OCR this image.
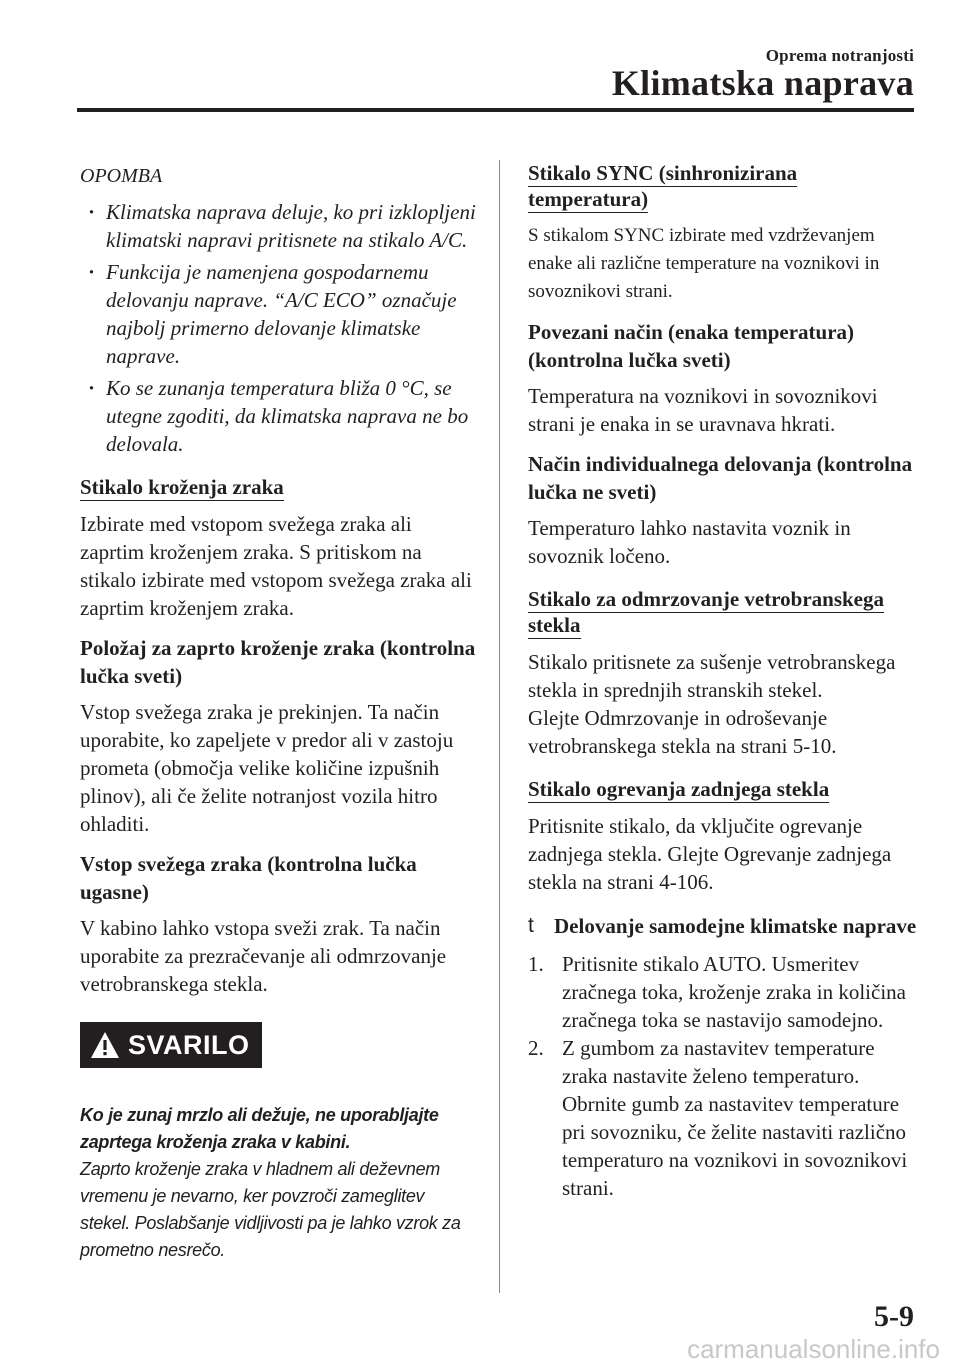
Oprema notranjosti
Klimatska naprava
OPOMBA
· Klimatska naprava deluje, ko pri izklopljeni klimatski napravi pritisnete na stikalo A/C.
· Funkcija je namenjena gospodarnemu delovanju naprave. “A/C ECO” označuje najbolj primerno delovanje klimatske naprave.
· Ko se zunanja temperatura bliža 0 °C, se utegne zgoditi, da klimatska naprava ne bo delovala.
Stikalo kroženja zraka

Izbirate med vstopom svežega zraka ali zaprtim kroženjem zraka. S pritiskom na stikalo izbirate med vstopom svežega zraka ali zaprtim kroženjem zraka.

Položaj za zaprto kroženje zraka (kontrolna lučka sveti)

Vstop svežega zraka je prekinjen. Ta način uporabite, ko zapeljete v predor ali v zastoju prometa (območja velike količine izpušnih plinov), ali če želite notranjost vozila hitro ohladiti.

Vstop svežega zraka (kontrolna lučka ugasne)

V kabino lahko vstopa sveži zrak. Ta način uporabite za prezračevanje ali odmrzovanje vetrobranskega stekla.

SVARILO
Ko je zunaj mrzlo ali dežuje, ne uporabljajte zaprtega kroženja zraka v kabini.
Zaprto kroženje zraka v hladnem ali deževnem vremenu je nevarno, ker povzroči zameglitev stekel. Poslabšanje vidljivosti pa je lahko vzrok za prometno nesrečo.
Stikalo SYNC (sinhronizirana temperatura)

S stikalom SYNC izbirate med vzdrževanjem enake ali različne temperature na voznikovi in sovoznikovi strani.

Povezani način (enaka temperatura) (kontrolna lučka sveti)

Temperatura na voznikovi in sovoznikovi strani je enaka in se uravnava hkrati.

Način individualnega delovanja (kontrolna lučka ne sveti)

Temperaturo lahko nastavita voznik in sovoznik ločeno.

Stikalo za odmrzovanje vetrobranskega stekla

Stikalo pritisnete za sušenje vetrobranskega stekla in sprednjih stranskih stekel.

Glejte Odmrzovanje in odroševanje vetrobranskega stekla na strani 5-10.

Stikalo ogrevanja zadnjega stekla

Pritisnite stikalo, da vključite ogrevanje zadnjega stekla. Glejte Ogrevanje zadnjega stekla na strani 4-106.

t Delovanje samodejne klimatske naprave
1. Pritisnite stikalo AUTO. Usmeritev zračnega toka, kroženje zraka in količina zračnega toka se nastavijo samodejno.
2. Z gumbom za nastavitev temperature zraka nastavite želeno temperaturo. Obrnite gumb za nastavitev temperature pri sovozniku, če želite nastaviti različno temperaturo na voznikovi in sovoznikovi strani.
5-9
carmanualsonline.info
